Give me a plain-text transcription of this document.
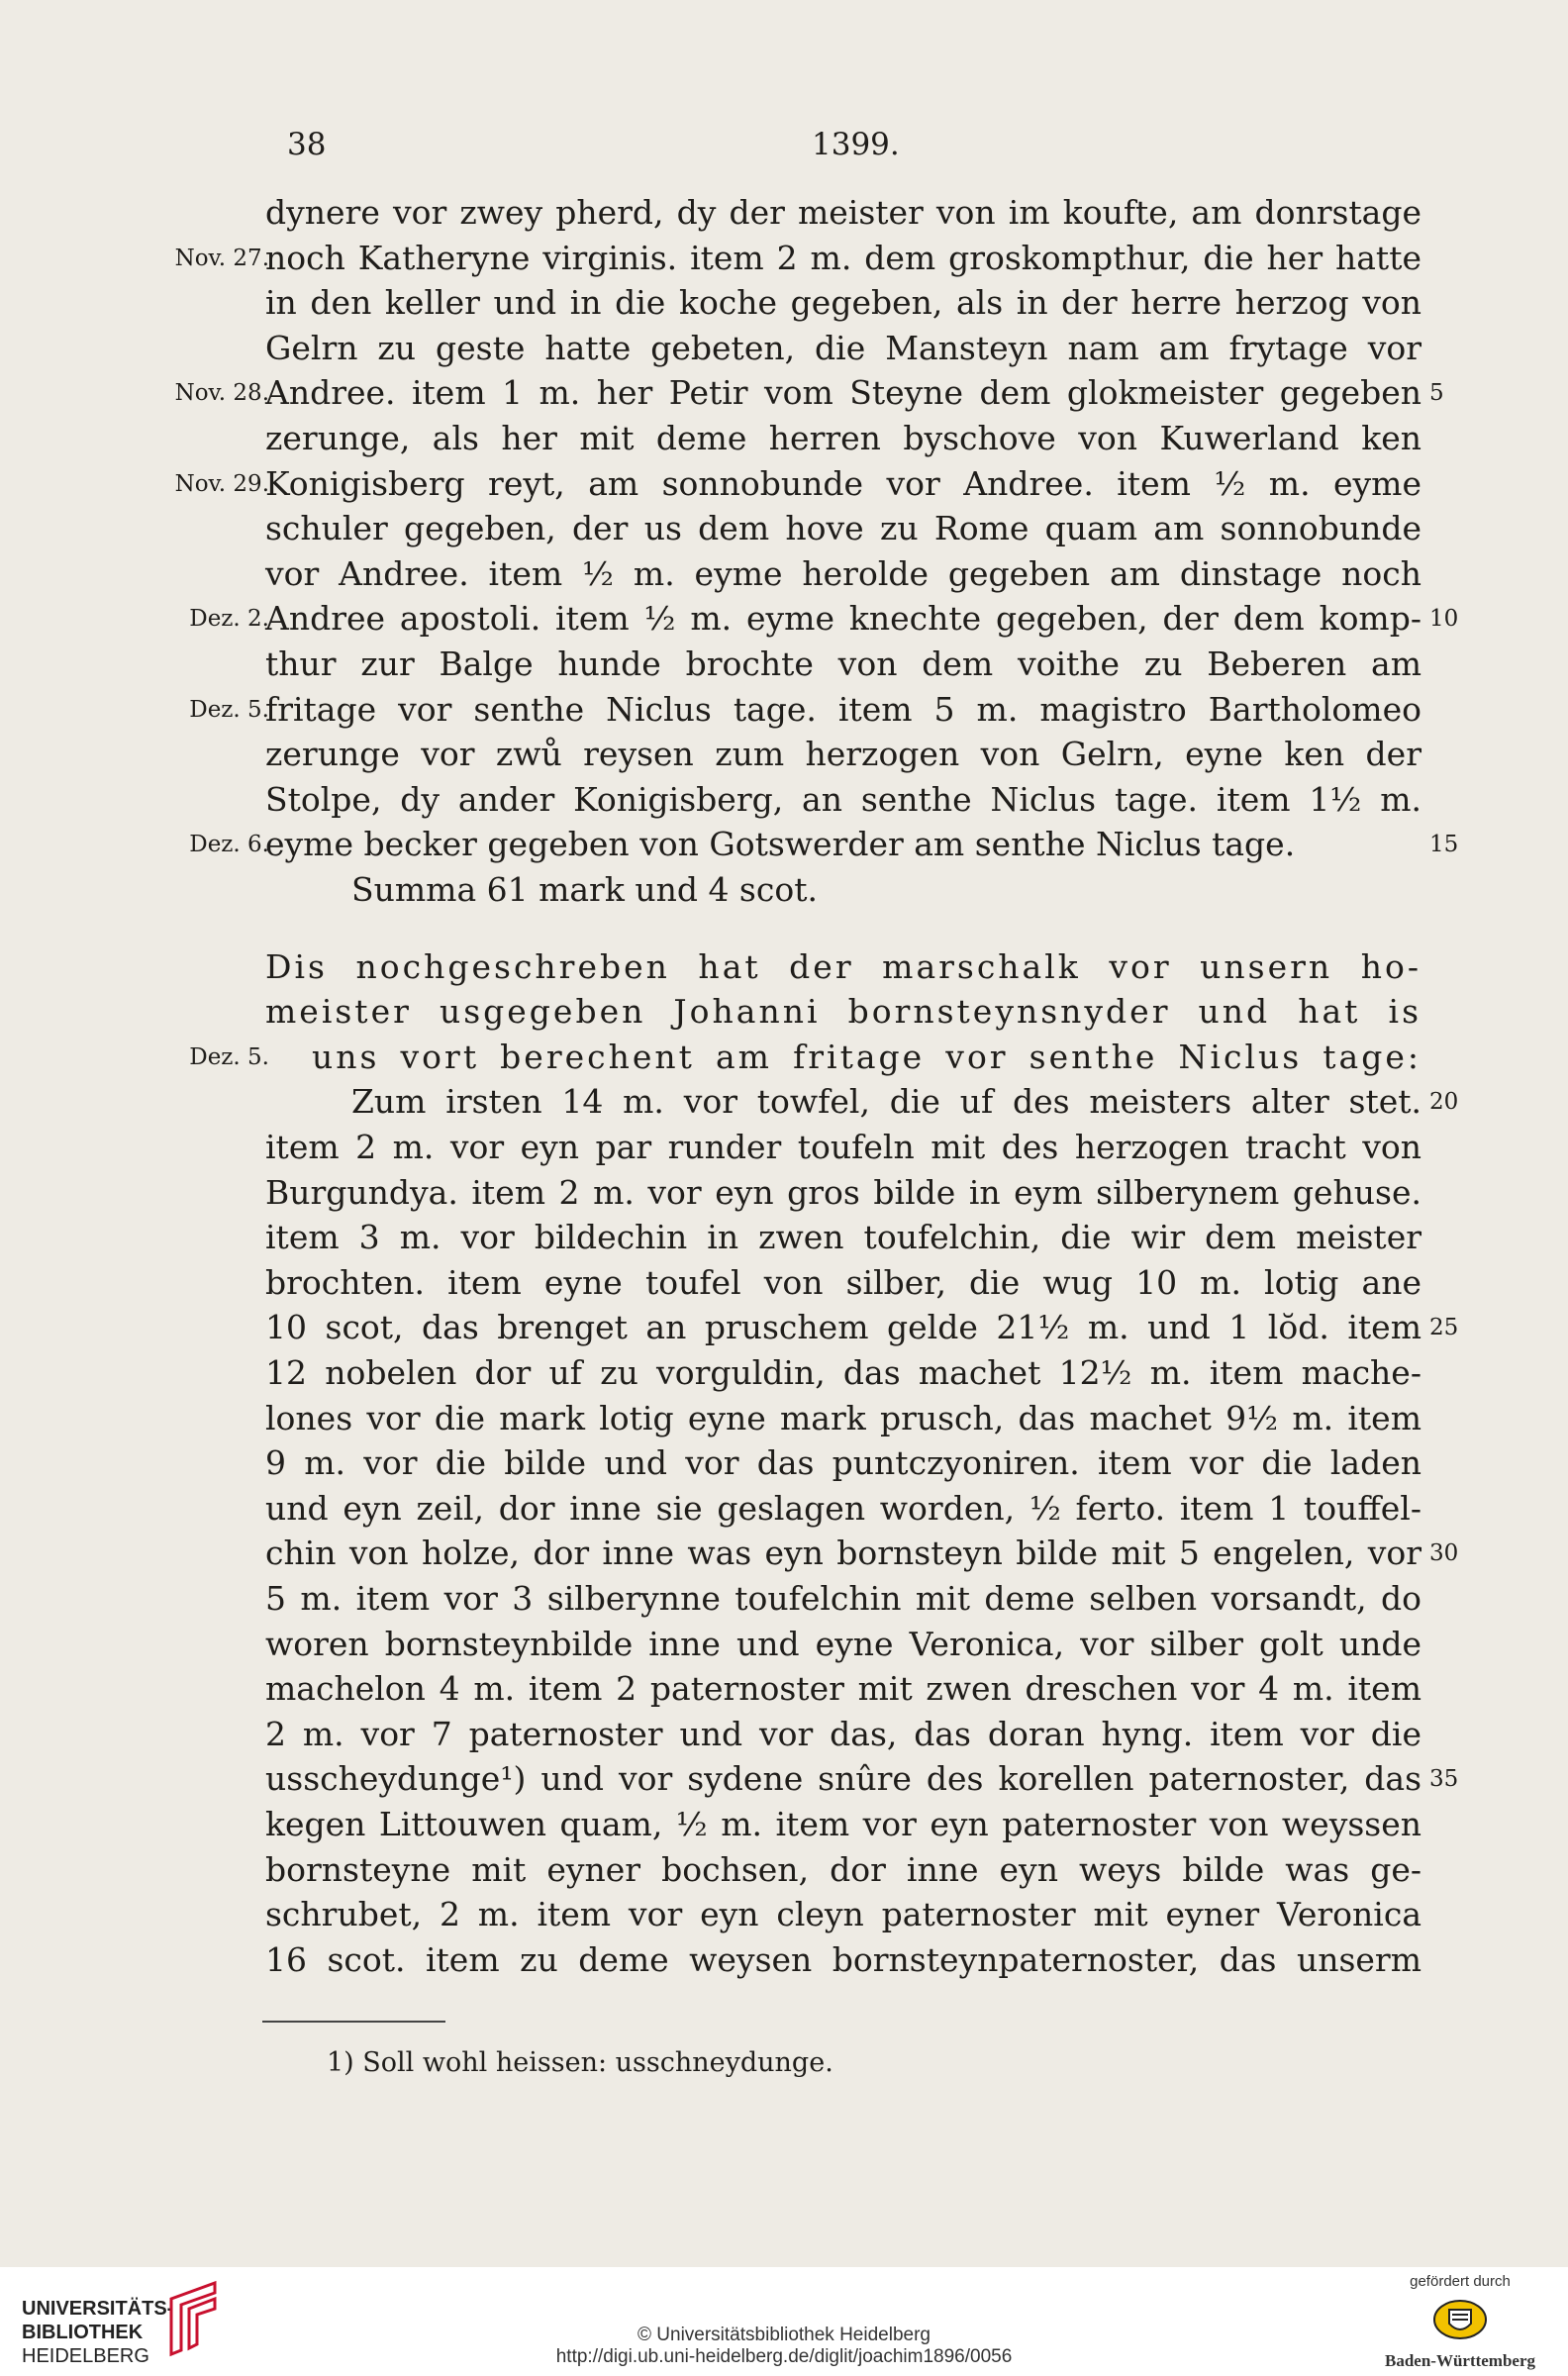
38	1399.
dynere vor zwey pherd, dy der meister von im koufte, am donrstage
Nov. 27.
noch Katheryne virginis. item 2 m. dem groskompthur, die her hatte
in den keller und in die koche gegeben, als in der herre herzog von
Gelrn zu geste hatte gebeten, die Mansteyn nam am frytage vor
Nov. 28.
Andree. item 1 m. her Petir vom Steyne dem glokmeister gegeben 5
zerunge, als her mit deme herren byschove von Kuwerland ken
Nov. 29.
Konigisberg reyt, am sonnobunde vor Andree. item ½ m. eyme
schuler gegeben, der us dem hove zu Rome quam am sonnobunde
vor Andree. item ½ m. eyme herolde gegeben am dinstage noch
Dez. 2.
Andree apostoli. item ½ m. eyme knechte gegeben, der dem komp- 10
thur zur Balge hunde brochte von dem voithe zu Beberen am
Dez. 5.
fritage vor senthe Niclus tage. item 5 m. magistro Bartholomeo
zerunge vor zwů reysen zum herzogen von Gelrn, eyne ken der
Stolpe, dy ander Konigisberg, an senthe Niclus tage. item 1½ m.
Dez. 6.
eyme becker gegeben von Gotswerder am senthe Niclus tage.	15
Summa 61 mark und 4 scot.
Dis nochgeschreben hat der marschalk vor unsern ho-
meister usgegeben Johanni bornsteynsnyder und hat is
Dez. 5. uns vort berechent am fritage vor senthe Niclus tage:
Zum irsten 14 m. vor towfel, die uf des meisters alter stet. 20
item 2 m. vor eyn par runder toufeln mit des herzogen tracht von
Burgundya. item 2 m. vor eyn gros bilde in eym silberynem gehuse.
item 3 m. vor bildechin in zwen toufelchin, die wir dem meister
brochten. item eyne toufel von silber, die wug 10 m. lotig ane
10 scot, das brenget an pruschem gelde 21½ m. und 1 lŏd. item 25
12 nobelen dor uf zu vorguldin, das machet 12½ m. item mache-
lones vor die mark lotig eyne mark prusch, das machet 9½ m. item
9 m. vor die bilde und vor das puntczyoniren. item vor die laden
und eyn zeil, dor inne sie geslagen worden, ½ ferto. item 1 touffel-
chin von holze, dor inne was eyn bornsteyn bilde mit 5 engelen, vor 30
5 m. item vor 3 silberynne toufelchin mit deme selben vorsandt, do
woren bornsteynbilde inne und eyne Veronica, vor silber golt unde
machelon 4 m. item 2 paternoster mit zwen dreschen vor 4 m. item
2 m. vor 7 paternoster und vor das, das doran hyng. item vor die
usscheydunge¹) und vor sydene snûre des korellen paternoster, das 35
kegen Littouwen quam, ½ m. item vor eyn paternoster von weyssen
bornsteyne mit eyner bochsen, dor inne eyn weys bilde was ge-
schrubet, 2 m. item vor eyn cleyn paternoster mit eyner Veronica
16 scot. item zu deme weysen bornsteynpaternoster, das unserm
1) Soll wohl heissen: usschneydunge.
UNIVERSITÄTS-
BIBLIOTHEK
HEIDELBERG
© Universitätsbibliothek Heidelberg
http://digi.ub.uni-heidelberg.de/diglit/joachim1896/0056
gefördert durch
Baden-Württemberg
